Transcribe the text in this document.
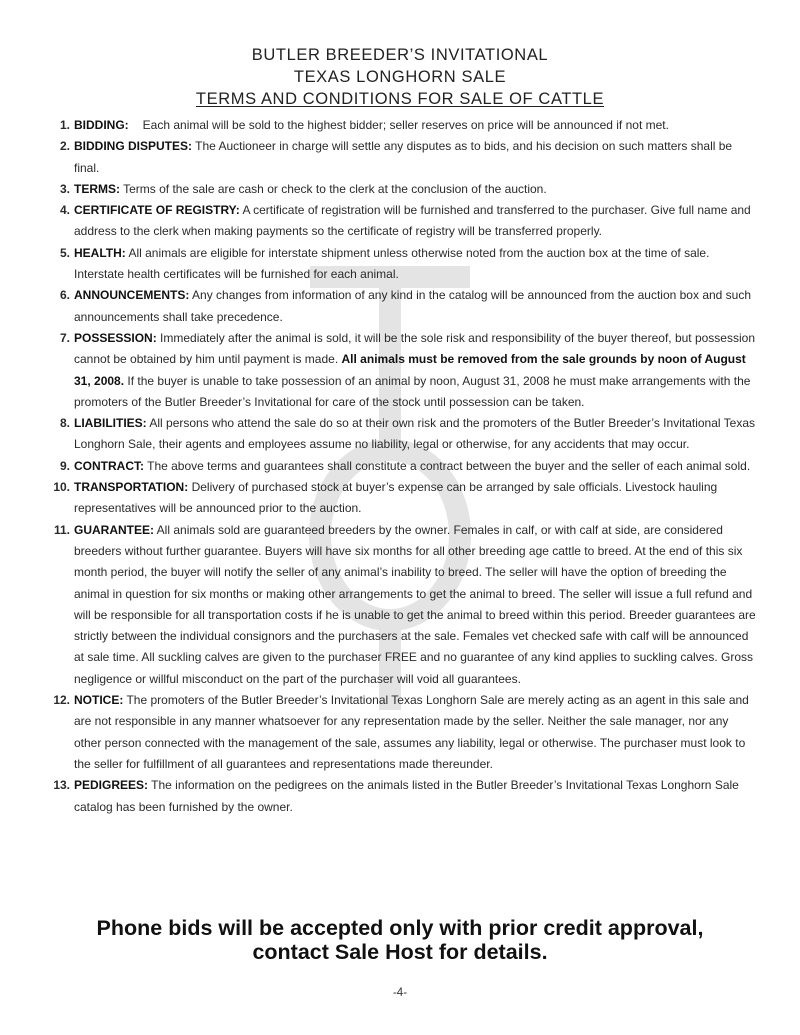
BUTLER BREEDER’S INVITATIONAL
TEXAS LONGHORN SALE
TERMS AND CONDITIONS FOR SALE OF CATTLE
1. BIDDING: Each animal will be sold to the highest bidder; seller reserves on price will be announced if not met.
2. BIDDING DISPUTES: The Auctioneer in charge will settle any disputes as to bids, and his decision on such matters shall be final.
3. TERMS: Terms of the sale are cash or check to the clerk at the conclusion of the auction.
4. CERTIFICATE OF REGISTRY: A certificate of registration will be furnished and transferred to the purchaser. Give full name and address to the clerk when making payments so the certificate of registry will be transferred properly.
5. HEALTH: All animals are eligible for interstate shipment unless otherwise noted from the auction box at the time of sale. Interstate health certificates will be furnished for each animal.
6. ANNOUNCEMENTS: Any changes from information of any kind in the catalog will be announced from the auction box and such announcements shall take precedence.
7. POSSESSION: Immediately after the animal is sold, it will be the sole risk and responsibility of the buyer thereof, but possession cannot be obtained by him until payment is made. All animals must be removed from the sale grounds by noon of August 31, 2008. If the buyer is unable to take possession of an animal by noon, August 31, 2008 he must make arrangements with the promoters of the Butler Breeder’s Invitational for care of the stock until possession can be taken.
8. LIABILITIES: All persons who attend the sale do so at their own risk and the promoters of the Butler Breeder’s Invitational Texas Longhorn Sale, their agents and employees assume no liability, legal or otherwise, for any accidents that may occur.
9. CONTRACT: The above terms and guarantees shall constitute a contract between the buyer and the seller of each animal sold.
10. TRANSPORTATION: Delivery of purchased stock at buyer’s expense can be arranged by sale officials. Livestock hauling representatives will be announced prior to the auction.
11. GUARANTEE: All animals sold are guaranteed breeders by the owner. Females in calf, or with calf at side, are considered breeders without further guarantee. Buyers will have six months for all other breeding age cattle to breed. At the end of this six month period, the buyer will notify the seller of any animal’s inability to breed. The seller will have the option of breeding the animal in question for six months or making other arrangements to get the animal to breed. The seller will issue a full refund and will be responsible for all transportation costs if he is unable to get the animal to breed within this period. Breeder guarantees are strictly between the individual consignors and the purchasers at the sale. Females vet checked safe with calf will be announced at sale time. All suckling calves are given to the purchaser FREE and no guarantee of any kind applies to suckling calves. Gross negligence or willful misconduct on the part of the purchaser will void all guarantees.
12. NOTICE: The promoters of the Butler Breeder’s Invitational Texas Longhorn Sale are merely acting as an agent in this sale and are not responsible in any manner whatsoever for any representation made by the seller. Neither the sale manager, nor any other person connected with the management of the sale, assumes any liability, legal or otherwise. The purchaser must look to the seller for fulfillment of all guarantees and representations made thereunder.
13. PEDIGREES: The information on the pedigrees on the animals listed in the Butler Breeder’s Invitational Texas Longhorn Sale catalog has been furnished by the owner.
Phone bids will be accepted only with prior credit approval,
contact Sale Host for details.
-4-
